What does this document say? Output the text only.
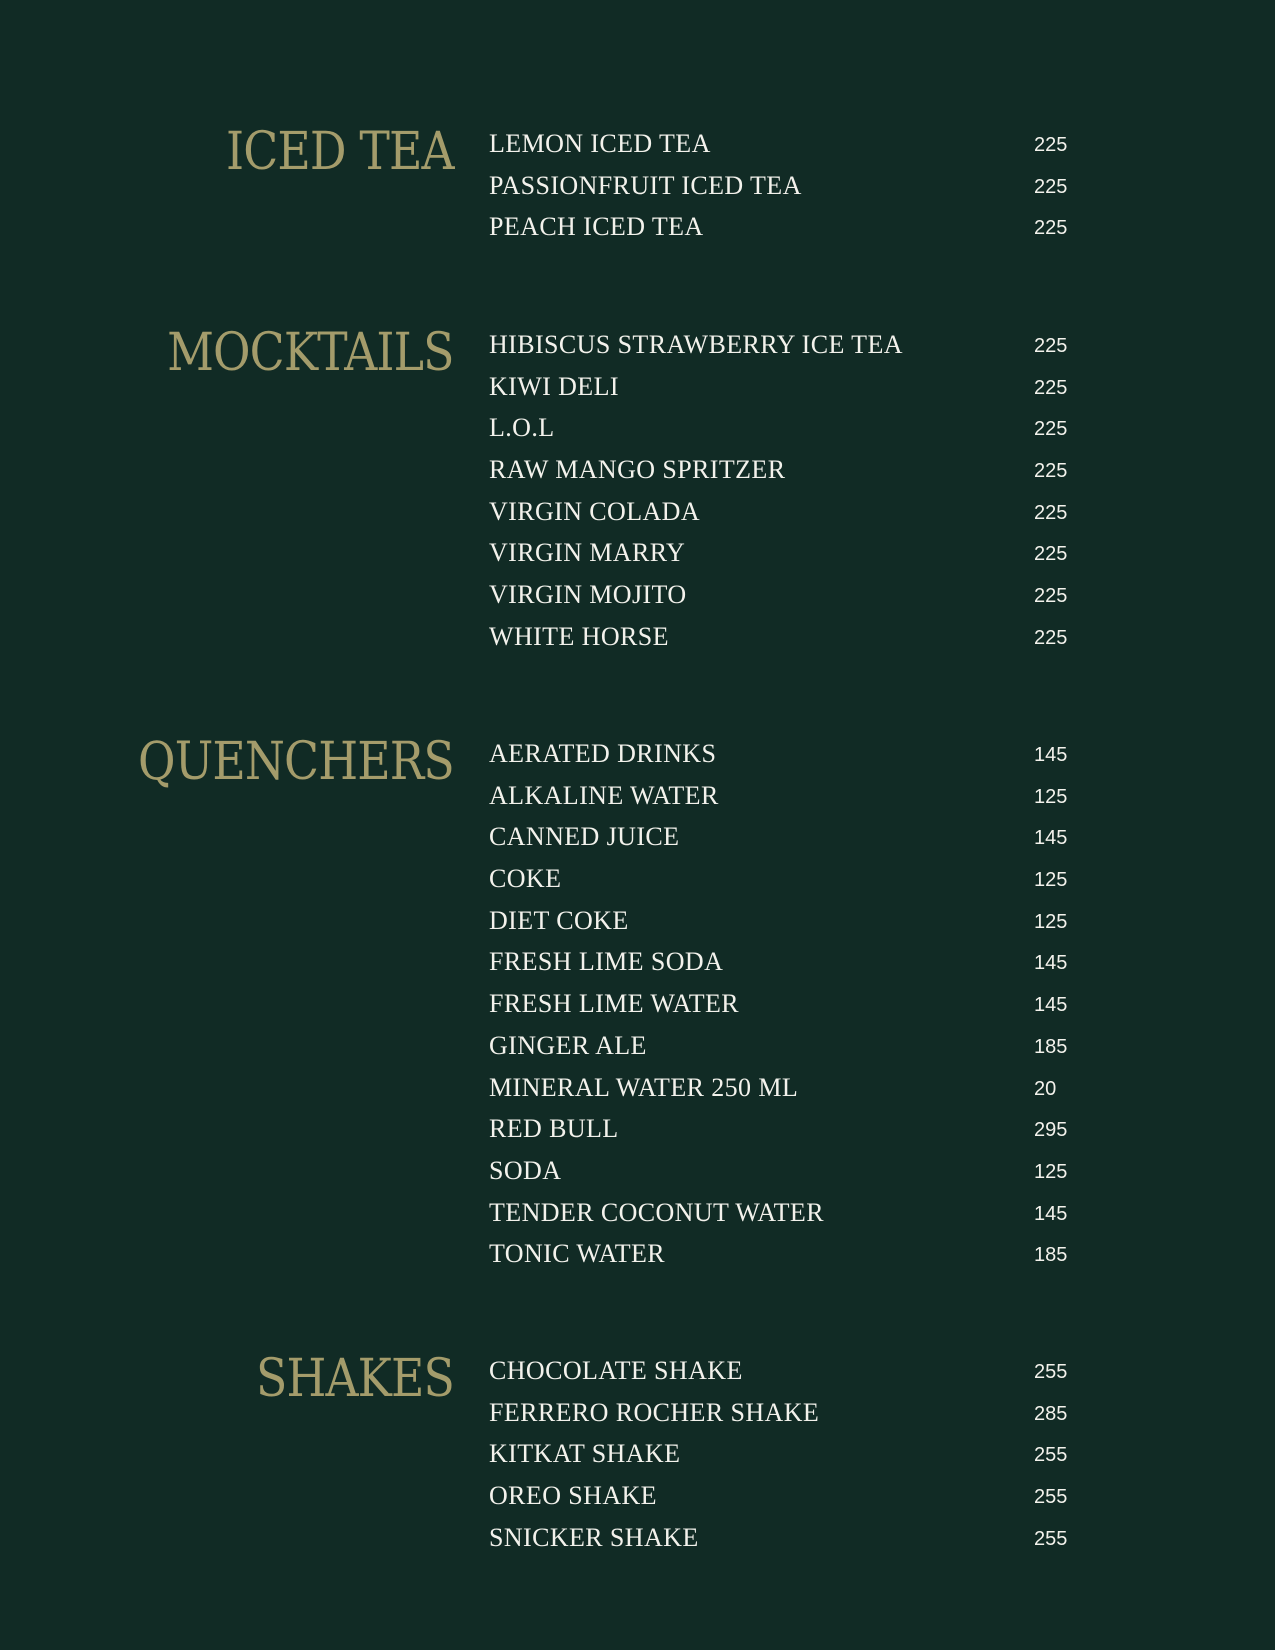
ICED TEA LEMON ICED TEA	225
PASSIONFRUIT ICED TEA	225
PEACH ICED TEA	225
MOCKTAILS HIBISCUS STRAWBERRY ICE TEA	225
KIWI DELI	225
L.O.L	225
RAW MANGO SPRITZER	225
VIRGIN COLADA	225
VIRGIN MARRY	225
VIRGIN MOJITO	225
WHITE HORSE	225
QUENCHERS AERATED DRINKS	145
ALKALINE WATER	125
CANNED JUICE	145
COKE	125
DIET COKE	125
FRESH LIME SODA	145
FRESH LIME WATER	145
GINGER ALE	185
MINERAL WATER 250 ML	20
RED BULL	295
SODA	125
TENDER COCONUT WATER	145
TONIC WATER	185
SHAKES CHOCOLATE SHAKE	255
FERRERO ROCHER SHAKE	285
KITKAT SHAKE	255
OREO SHAKE	255
SNICKER SHAKE	255
